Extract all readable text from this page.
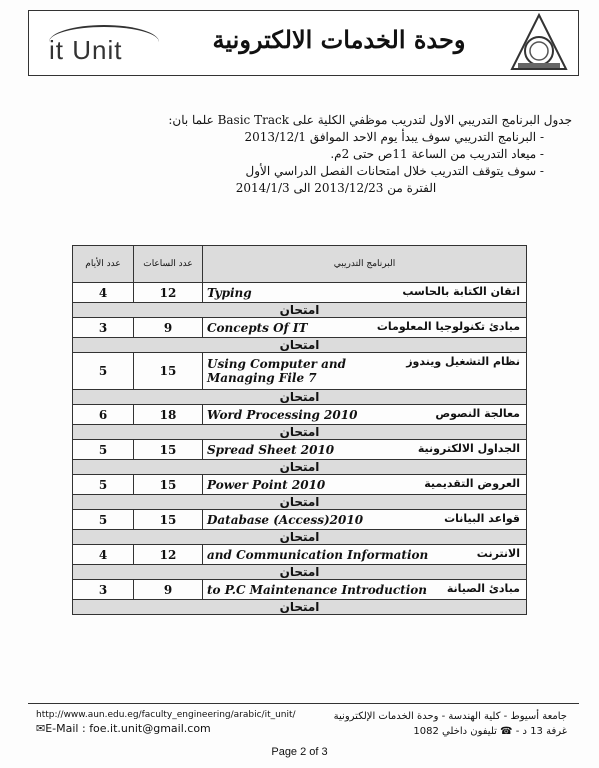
it Unit	وحدة الخدمات الالكترونية
جدول البرنامج التدريبي الاول لتدريب موظفي الكلية على Basic Track علما بان:
- البرنامج التدريبي سوف يبدأ يوم الاحد الموافق 2013/12/1
- ميعاد التدريب من الساعة 11ص حتى 2م.
- سوف يتوقف التدريب خلال امتحانات الفصل الدراسي الأول
الفترة من 2013/12/23 الى 2014/1/3
عدد الأيام	عدد الساعات	البرنامج التدريبي
4	12	Typing اتقان الكتابة بالحاسب

امتحان		
3	9	Concepts Of IT مبادئ تكنولوجيا المعلومات

امتحان		
5	15	Using Computer and Managing File 7
نظام التشغيل ويندوز

امتحان		
6	18	Word Processing 2010 معالجة النصوص

امتحان		
5	15	Spread Sheet 2010 الجداول الالكترونية

امتحان		
5	15	Power Point 2010 العروض التقديمية

امتحان		
5	15	Database (Access)2010 قواعد البيانات

امتحان		
4	12	and Communication Information الانترنت

امتحان		
3	9	to P.C Maintenance Introduction مبادئ الصيانة

امتحان		
http://www.aun.edu.eg/faculty_engineering/arabic/it_unit/
✉E-Mail : foe.it.unit@gmail.com
جامعة أسيوط - كلية الهندسة - وحدة الخدمات الإلكترونية
غرفة 13 د - ☎ تليفون داخلي 1082
Page 2 of 3
